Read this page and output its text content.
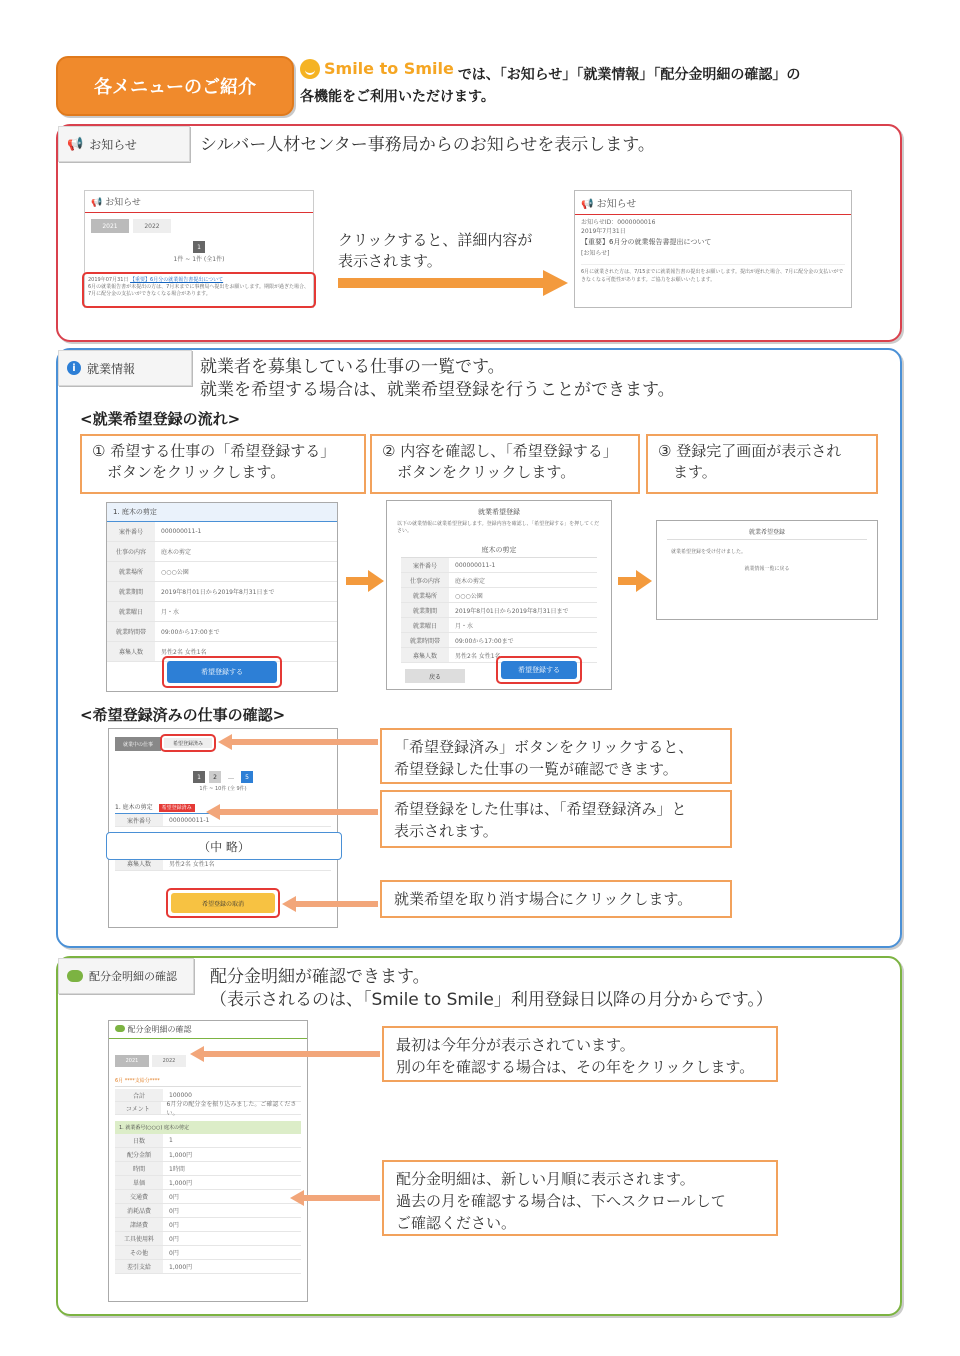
各メニューのご紹介
Smile to Smile では、「お知らせ」「就業情報」「配分金明細の確認」の
各機能をご利用いただけます。
📢 お知らせ	シルバー人材センター事務局からのお知らせを表示します。
📢 お知らせ
2021	2022
1
1件 ~ 1件 (全1件)
2019年07月31日 【重要】6月分の就業報告書提出について
6月の就業報告書が未提出の方は、7月末までに事務局へ提出をお願いします。期限が過ぎた場合、7月に配分金の支払いができなくなる場合があります。
クリックすると、詳細内容が
表示されます。
📢 お知らせ
お知らせID：0000000016
2019年7月31日
【重要】6月分の就業報告書提出について
[お知らせ]
6月に就業された方は、7/15までに就業報告書の提出をお願いします。提出が遅れた場合、7月に配分金の支払いができなくなる可能性があります。ご協力をお願いいたします。
i 就業情報	就業者を募集している仕事の一覧です。
就業を希望する場合は、就業希望登録を行うことができます。
<就業希望登録の流れ>
① 希望する仕事の「希望登録する」
　ボタンをクリックします。
② 内容を確認し、「希望登録する」
　ボタンをクリックします。
③ 登録完了画面が表示され
　ます。
1. 庭木の剪定
案件番号	000000011-1
仕事の内容	庭木の剪定
就業場所	○○○公園
就業期間	2019年8月01日から2019年8月31日まで
就業曜日	月・水
就業時間帯	09:00から17:00まで
募集人数	男性2名 女性1名
希望登録する
就業希望登録
以下の就業情報に就業希望登録します。登録内容を確認し、「希望登録する」を押してください。
庭木の剪定
案件番号	000000011-1
仕事の内容	庭木の剪定
就業場所	○○○公園
就業期間	2019年8月01日から2019年8月31日まで
就業曜日	月・水
就業時間帯	09:00から17:00まで
募集人数	男性2名 女性1名
戻る
希望登録する
就業希望登録
就業希望登録を受け付けました。
就業情報一覧に戻る
<希望登録済みの仕事の確認>
就業中の仕事
1	2	…	5
1件 ~ 10件 (全 9件)
1. 庭木の剪定 希望登録済み
案件番号	000000011-1
募集人数	男性2名 女性1名
希望登録済み
（中 略）
希望登録の取消
「希望登録済み」ボタンをクリックすると、
希望登録した仕事の一覧が確認できます。
希望登録をした仕事は、「希望登録済み」と
表示されます。
就業希望を取り消す場合にクリックします。
配分金明細の確認 配分金明細が確認できます。
（表示されるのは、「Smile to Smile」利用登録日以降の月分からです。）
配分金明細の確認
2021	2022
6月 ****支給分****
合計	100000
コメント
6月分の配分金を振り込みました。ご確認ください。
1. 就業番号(○○○) 庭木の剪定
日数	1
配分金額	1,000円
時間	1時間
単価	1,000円
交通費	0円
消耗品費	0円
諸経費	0円
工具使用料	0円
その他	0円
差引支給	1,000円
最初は今年分が表示されています。
別の年を確認する場合は、その年をクリックします。
配分金明細は、新しい月順に表示されます。
過去の月を確認する場合は、下へスクロールして
ご確認ください。
